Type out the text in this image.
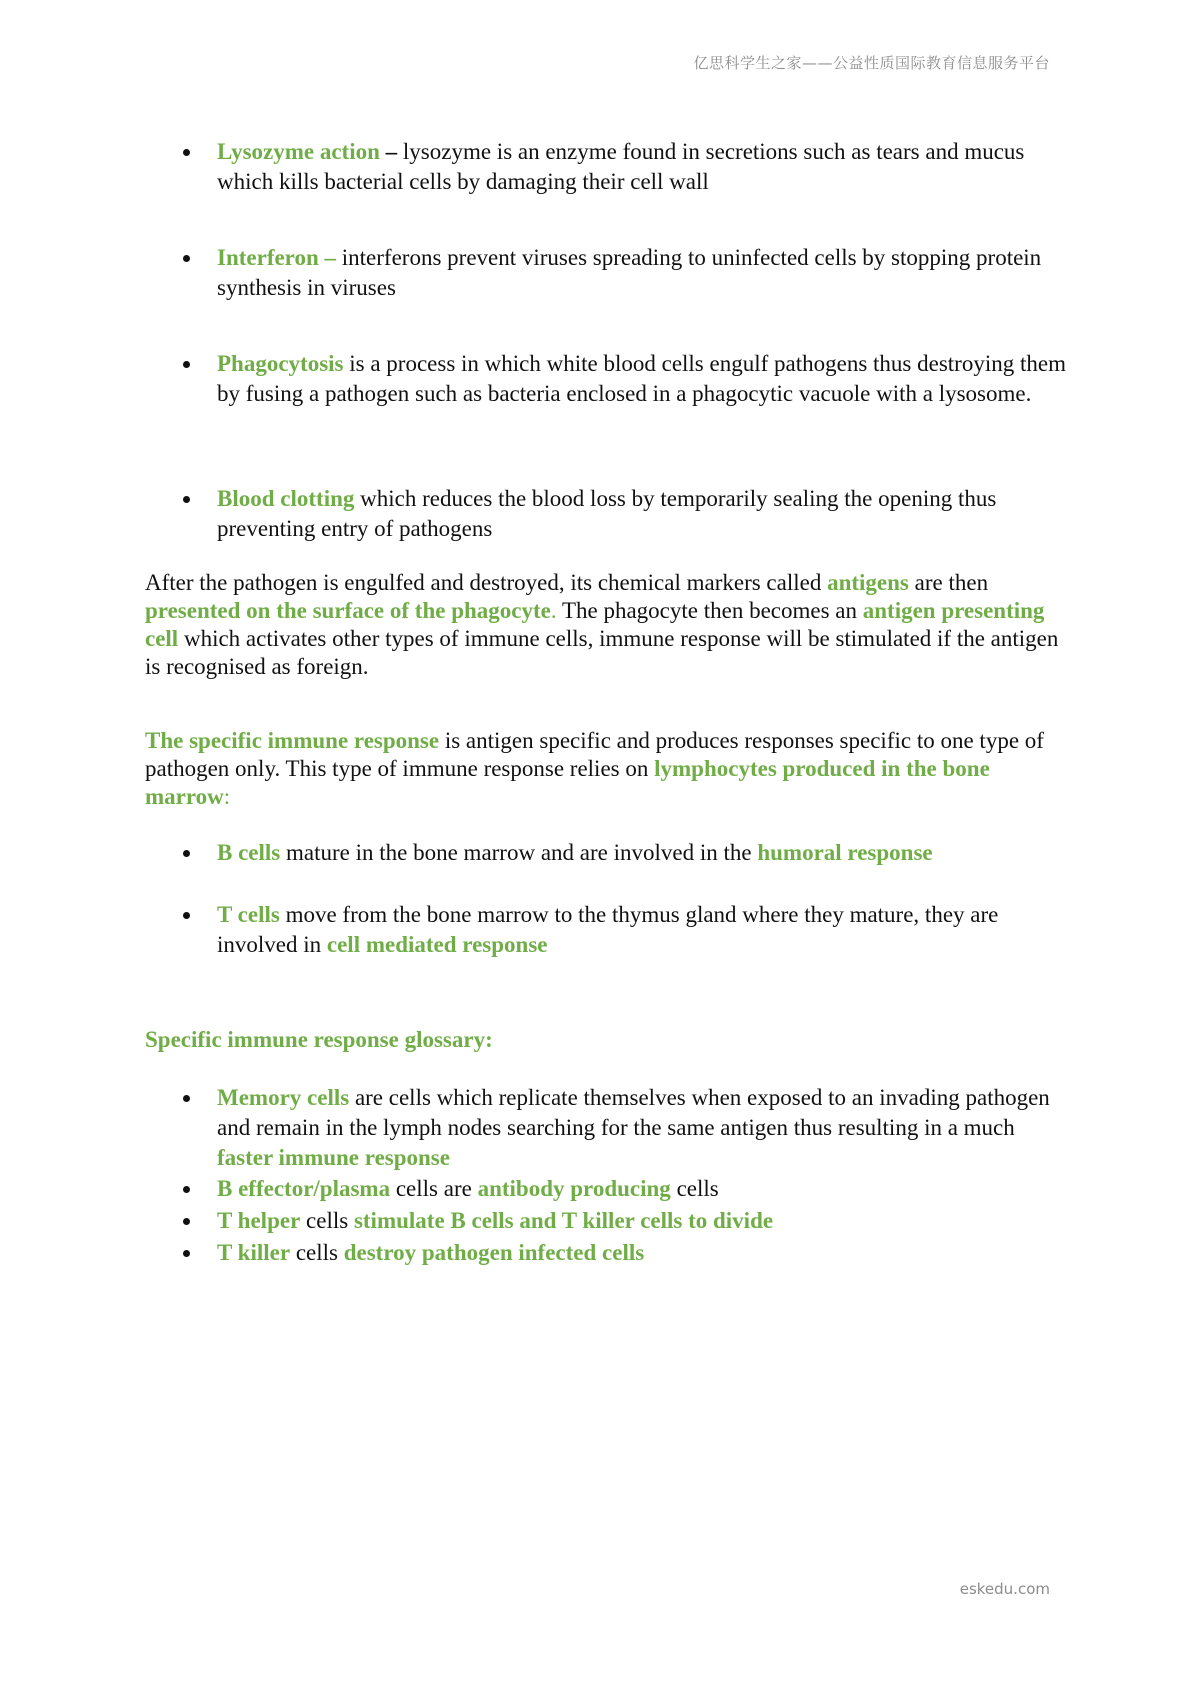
亿思科学生之家——公益性质国际教育信息服务平台
Lysozyme action – lysozyme is an enzyme found in secretions such as tears and mucus which kills bacterial cells by damaging their cell wall
Interferon – interferons prevent viruses spreading to uninfected cells by stopping protein synthesis in viruses
Phagocytosis is a process in which white blood cells engulf pathogens thus destroying them by fusing a pathogen such as bacteria enclosed in a phagocytic vacuole with a lysosome.
Blood clotting which reduces the blood loss by temporarily sealing the opening thus preventing entry of pathogens
After the pathogen is engulfed and destroyed, its chemical markers called antigens are then presented on the surface of the phagocyte. The phagocyte then becomes an antigen presenting cell which activates other types of immune cells, immune response will be stimulated if the antigen is recognised as foreign.
The specific immune response is antigen specific and produces responses specific to one type of pathogen only. This type of immune response relies on lymphocytes produced in the bone marrow:
B cells mature in the bone marrow and are involved in the humoral response
T cells move from the bone marrow to the thymus gland where they mature, they are involved in cell mediated response
Specific immune response glossary:
Memory cells are cells which replicate themselves when exposed to an invading pathogen and remain in the lymph nodes searching for the same antigen thus resulting in a much faster immune response
B effector/plasma cells are antibody producing cells
T helper cells stimulate B cells and T killer cells to divide
T killer cells destroy pathogen infected cells
eskedu.com
